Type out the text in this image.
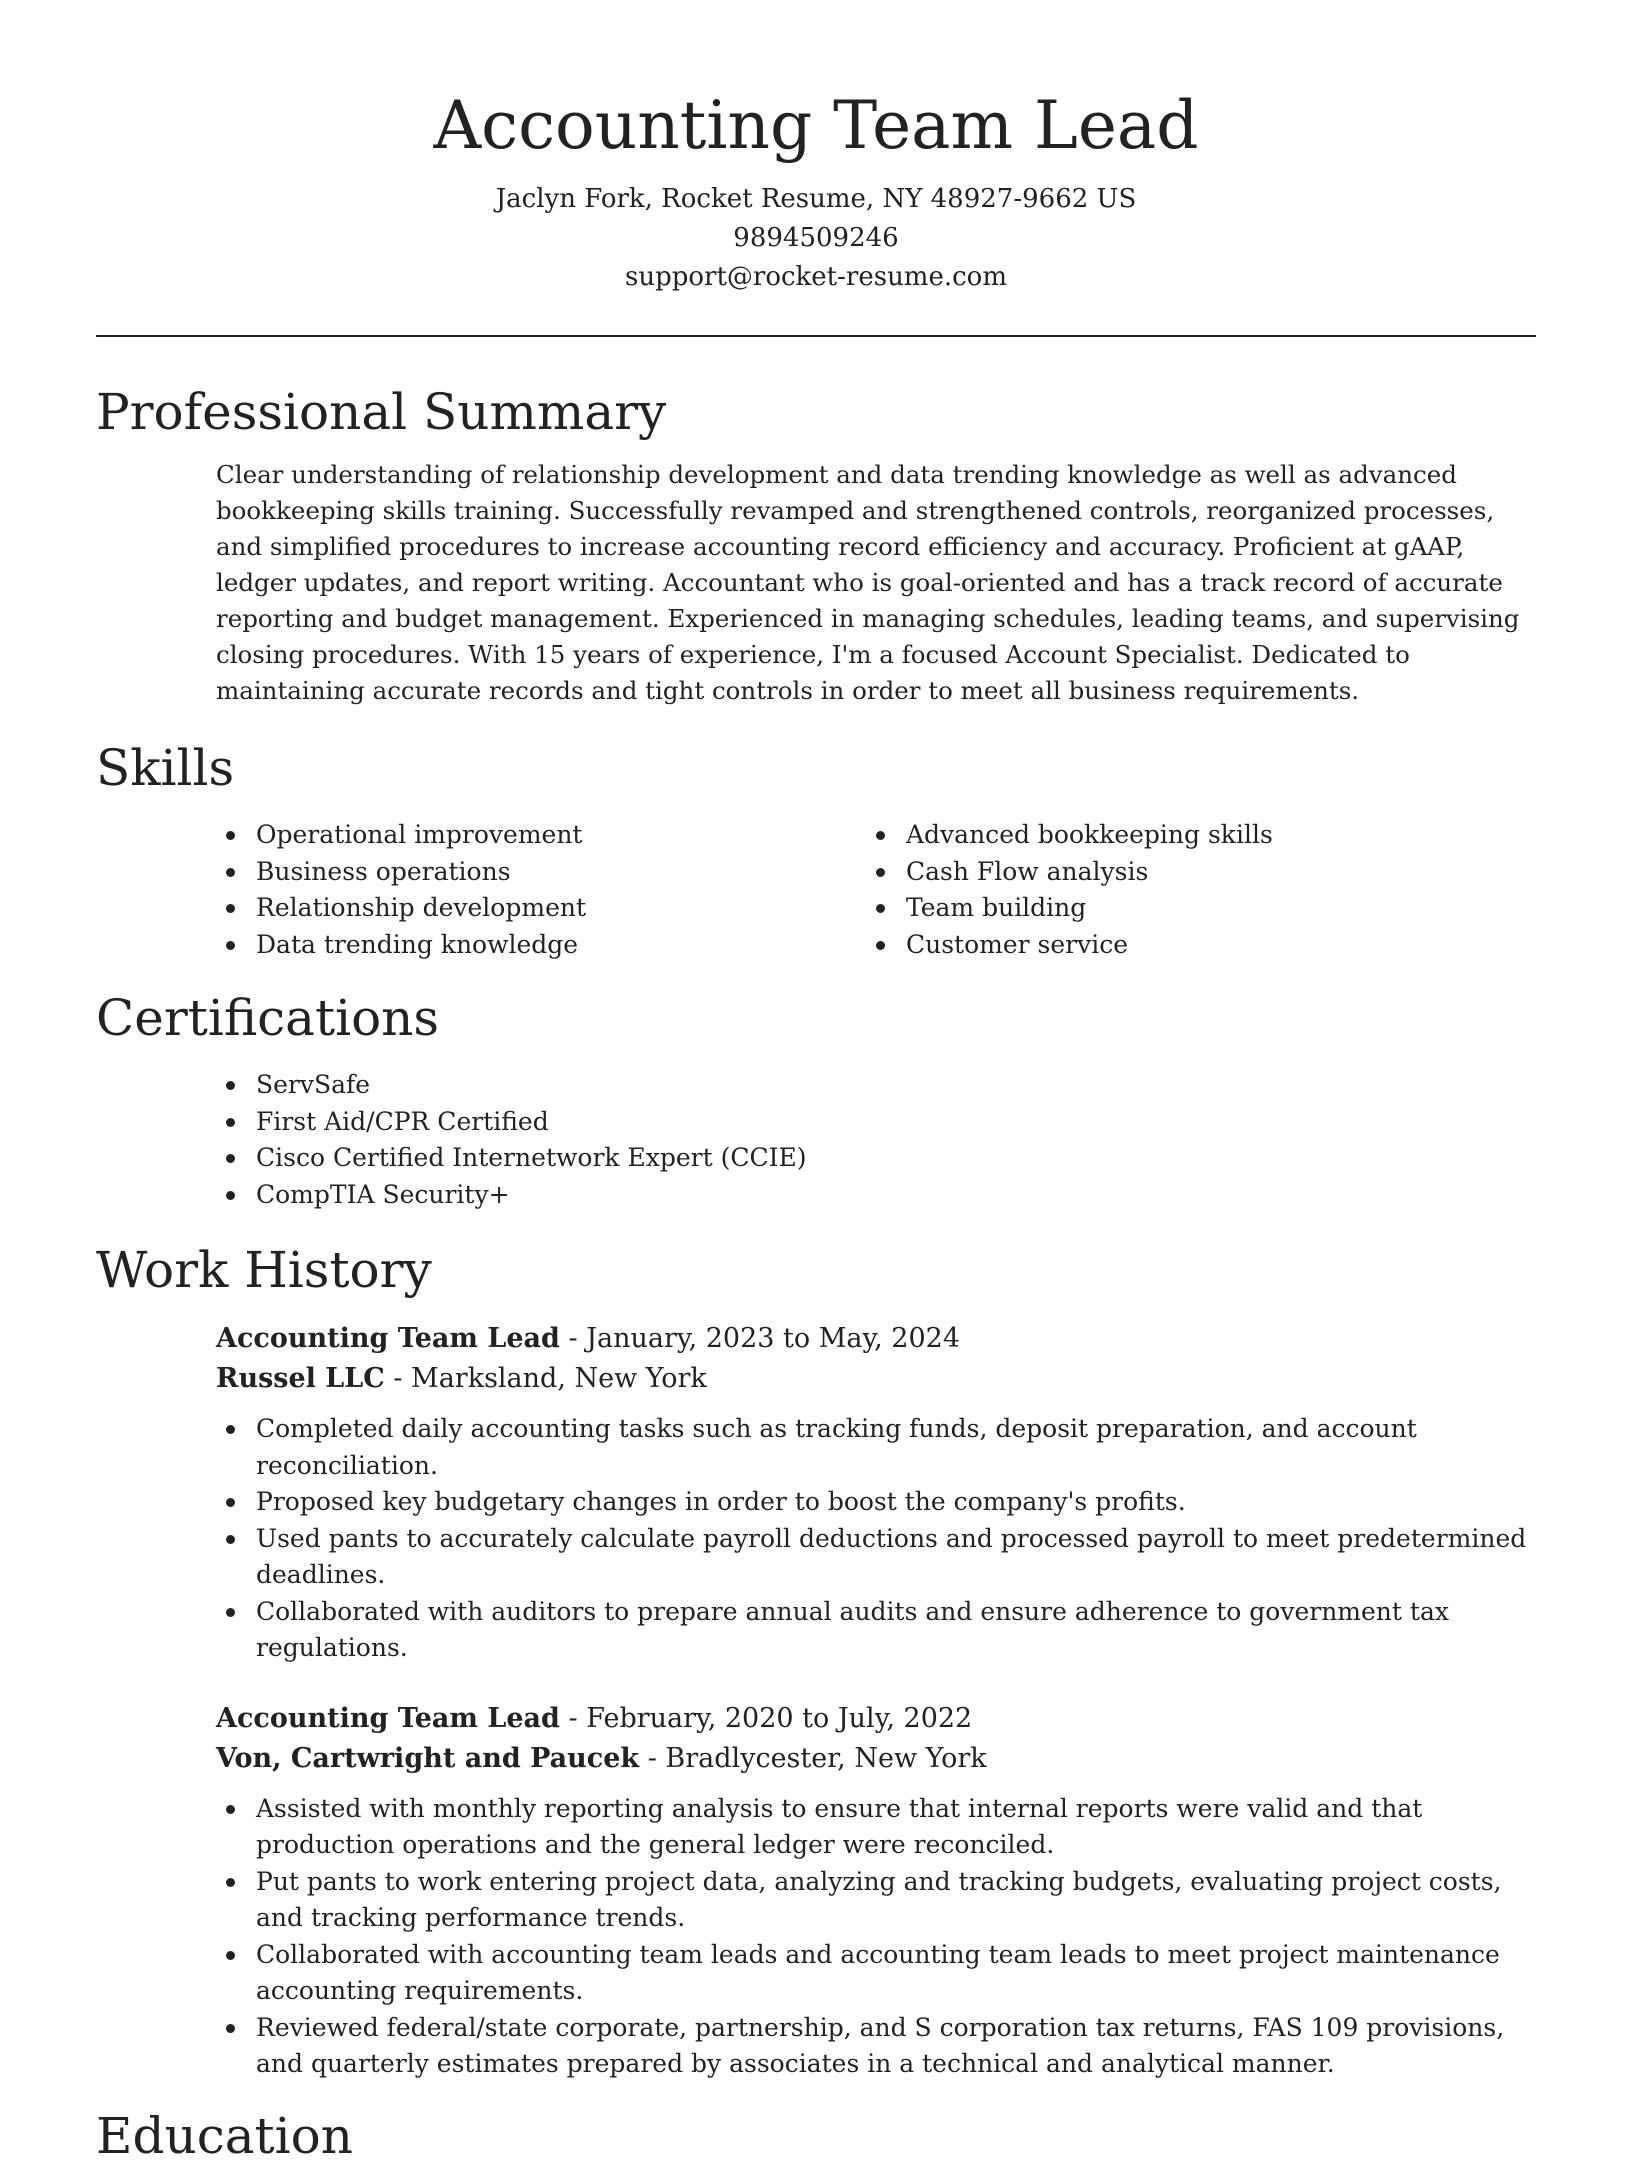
Accounting Team Lead
Jaclyn Fork, Rocket Resume, NY 48927-9662 US
9894509246
support@rocket-resume.com
Professional Summary

Clear understanding of relationship development and data trending knowledge as well as advanced bookkeeping skills training. Successfully revamped and strengthened controls, reorganized processes, and simplified procedures to increase accounting record efficiency and accuracy. Proficient at gAAP, ledger updates, and report writing. Accountant who is goal-oriented and has a track record of accurate reporting and budget management. Experienced in managing schedules, leading teams, and supervising closing procedures. With 15 years of experience, I'm a focused Account Specialist. Dedicated to maintaining accurate records and tight controls in order to meet all business requirements.

Skills
Operational improvement
Business operations
Relationship development
Data trending knowledge
Advanced bookkeeping skills
Cash Flow analysis
Team building
Customer service
Certifications
ServSafe
First Aid/CPR Certified
Cisco Certified Internetwork Expert (CCIE)
CompTIA Security+
Work History
Accounting Team Lead - January, 2023 to May, 2024
Russel LLC - Marksland, New York
Completed daily accounting tasks such as tracking funds, deposit preparation, and account reconciliation.
Proposed key budgetary changes in order to boost the company's profits.
Used pants to accurately calculate payroll deductions and processed payroll to meet predetermined deadlines.
Collaborated with auditors to prepare annual audits and ensure adherence to government tax regulations.
Accounting Team Lead - February, 2020 to July, 2022
Von, Cartwright and Paucek - Bradlycester, New York
Assisted with monthly reporting analysis to ensure that internal reports were valid and that production operations and the general ledger were reconciled.
Put pants to work entering project data, analyzing and tracking budgets, evaluating project costs, and tracking performance trends.
Collaborated with accounting team leads and accounting team leads to meet project maintenance accounting requirements.
Reviewed federal/state corporate, partnership, and S corporation tax returns, FAS 109 provisions, and quarterly estimates prepared by associates in a technical and analytical manner.
Education
